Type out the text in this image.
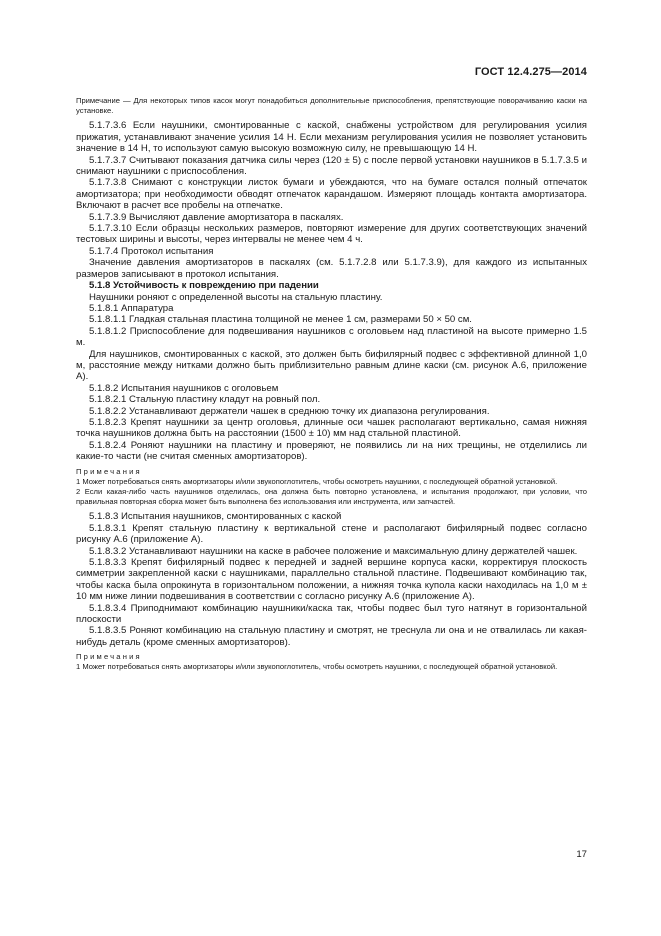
ГОСТ 12.4.275—2014

Примечание — Для некоторых типов касок могут понадобиться дополнительные приспособления, препятствующие поворачиванию каски на установке.

5.1.7.3.6 Если наушники, смонтированные с каской, снабжены устройством для регулирования усилия прижатия, устанавливают значение усилия 14 Н. Если механизм регулирования усилия не позволяет установить значение в 14 Н, то используют самую высокую возможную силу, не превышающую 14 Н.

5.1.7.3.7 Считывают показания датчика силы через (120 ± 5) с после первой установки наушников в 5.1.7.3.5 и снимают наушники с приспособления.

5.1.7.3.8 Снимают с конструкции листок бумаги и убеждаются, что на бумаге остался полный отпечаток амортизатора; при необходимости обводят отпечаток карандашом. Измеряют площадь контакта амортизатора. Включают в расчет все пробелы на отпечатке.

5.1.7.3.9 Вычисляют давление амортизатора в паскалях.

5.1.7.3.10 Если образцы нескольких размеров, повторяют измерение для других соответствующих значений тестовых ширины и высоты, через интервалы не менее чем 4 ч.

5.1.7.4 Протокол испытания

Значение давления амортизаторов в паскалях (см. 5.1.7.2.8 или 5.1.7.3.9), для каждого из испытанных размеров записывают в протокол испытания.

5.1.8 Устойчивость к повреждению при падении

Наушники роняют с определенной высоты на стальную пластину.

5.1.8.1 Аппаратура

5.1.8.1.1 Гладкая стальная пластина толщиной не менее 1 см, размерами 50 × 50 см.

5.1.8.1.2 Приспособление для подвешивания наушников с оголовьем над пластиной на высоте примерно 1.5 м.

Для наушников, смонтированных с каской, это должен быть бифилярный подвес с эффективной длинной 1,0 м, расстояние между нитками должно быть приблизительно равным длине каски (см. рисунок А.6, приложение А).

5.1.8.2 Испытания наушников с оголовьем

5.1.8.2.1 Стальную пластину кладут на ровный пол.

5.1.8.2.2 Устанавливают держатели чашек в среднюю точку их диапазона регулирования.

5.1.8.2.3 Крепят наушники за центр оголовья, длинные оси чашек располагают вертикально, самая нижняя точка наушников должна быть на расстоянии (1500 ± 10) мм над стальной пластиной.

5.1.8.2.4 Роняют наушники на пластину и проверяют, не появились ли на них трещины, не отделились ли какие-то части (не считая сменных амортизаторов).

Примечания

1 Может потребоваться снять амортизаторы и/или звукопоглотитель, чтобы осмотреть наушники, с последующей обратной установкой.

2 Если какая-либо часть наушников отделилась, она должна быть повторно установлена, и испытания продолжают, при условии, что правильная повторная сборка может быть выполнена без использования или инструмента, или запчастей.

5.1.8.3 Испытания наушников, смонтированных с каской

5.1.8.3.1 Крепят стальную пластину к вертикальной стене и располагают бифилярный подвес согласно рисунку А.6 (приложение А).

5.1.8.3.2 Устанавливают наушники на каске в рабочее положение и максимальную длину держателей чашек.

5.1.8.3.3 Крепят бифилярный подвес к передней и задней вершине корпуса каски, корректируя плоскость симметрии закрепленной каски с наушниками, параллельно стальной пластине. Подвешивают комбинацию так, чтобы каска была опрокинута в горизонтальном положении, а нижняя точка купола каски находилась на 1,0 м ± 10 мм ниже линии подвешивания в соответствии с согласно рисунку А.6 (приложение А).

5.1.8.3.4 Приподнимают комбинацию наушники/каска так, чтобы подвес был туго натянут в горизонтальной плоскости

5.1.8.3.5 Роняют комбинацию на стальную пластину и смотрят, не треснула ли она и не отвалилась ли какая-нибудь деталь (кроме сменных амортизаторов).

Примечания

1 Может потребоваться снять амортизаторы и/или звукопоглотитель, чтобы осмотреть наушники, с последующей обратной установкой.

17
